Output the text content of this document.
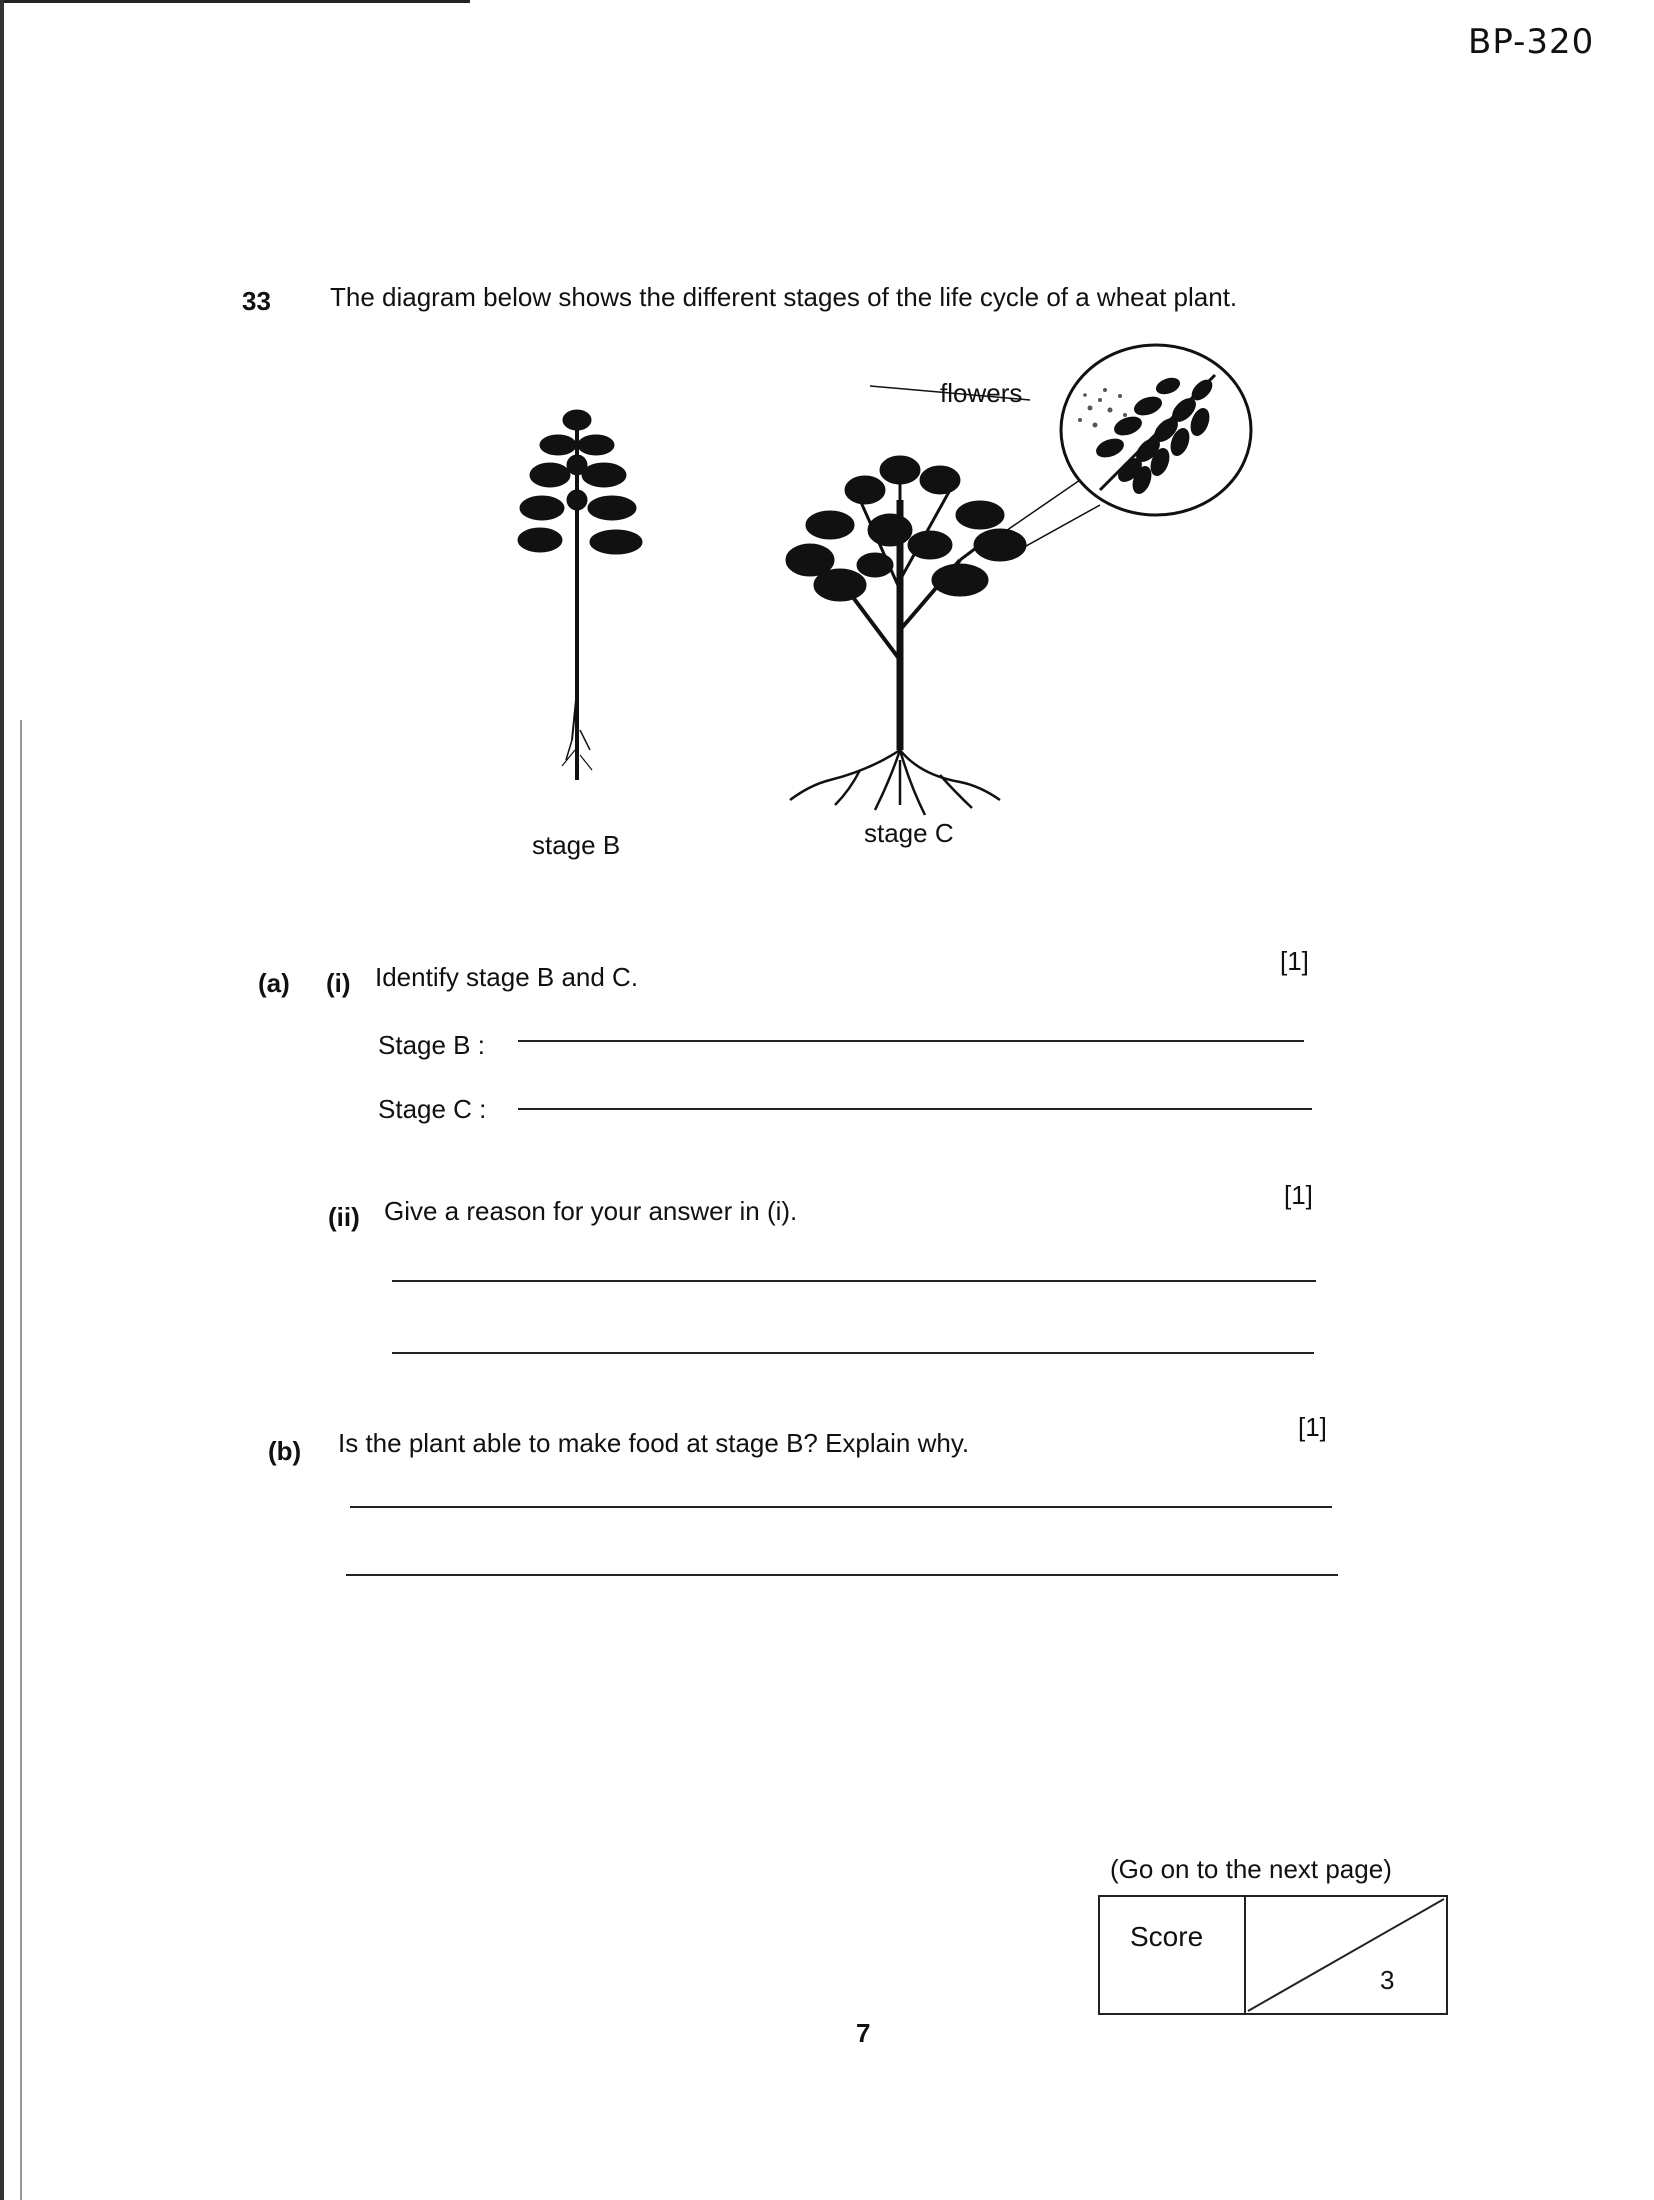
BP-320
33 The diagram below shows the different stages of the life cycle of a wheat plant.
flowers
stage B	stage C
(a) (i) Identify stage B and C.
[1]
Stage B :
Stage C :
(ii) Give a reason for your answer in (i).
[1]
(b) Is the plant able to make food at stage B? Explain why.
[1]
(Go on to the next page)
Score
3
7
